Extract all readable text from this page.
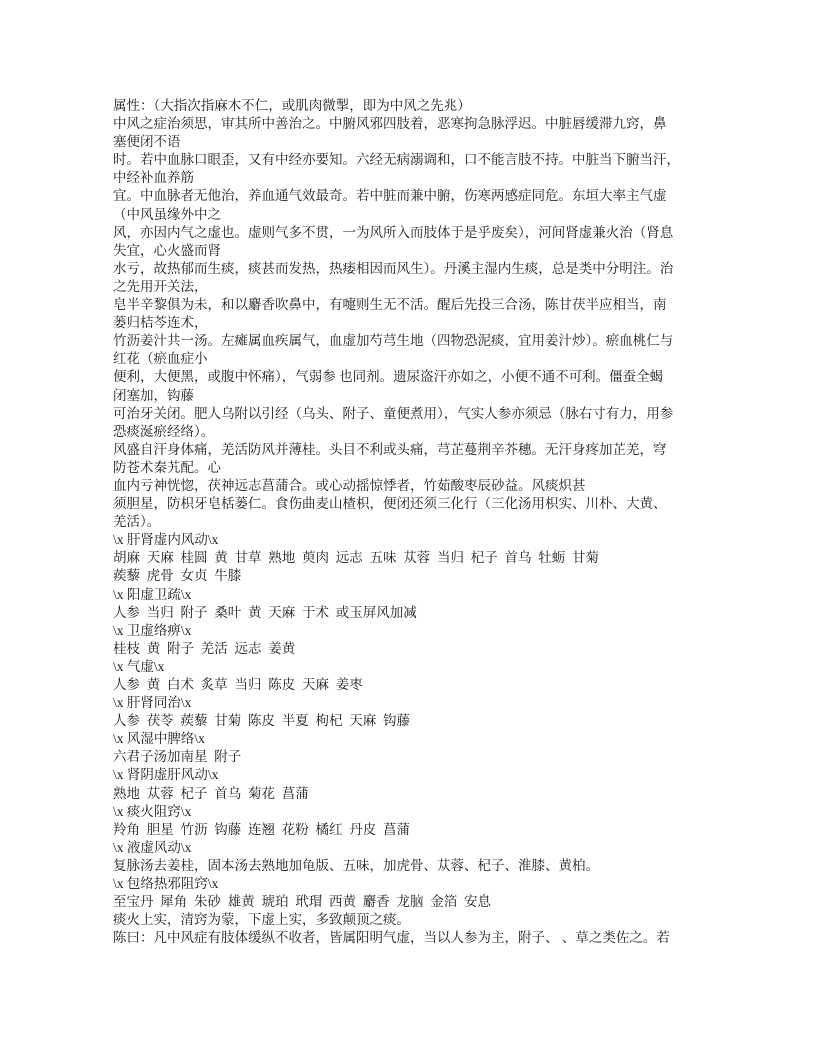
属性：（大指次指麻木不仁，或肌肉微掣，即为中风之先兆）
中风之症治须思，审其所中善治之。中腑风邪四肢着，恶寒拘急脉浮迟。中脏唇缓滞九窍，鼻
塞便闭不语
时。若中血脉口眼歪，又有中经亦要知。六经无病溺调和，口不能言肢不持。中脏当下腑当汗，
中经补血养筋
宜。中血脉者无他治，养血通气效最奇。若中脏而兼中腑，伤寒两感症同危。东垣大率主气虚
（中风虽缘外中之
风，亦因内气之虚也。虚则气多不贯，一为风所入而肢体于是乎废矣），河间肾虚兼火治（肾息
失宜，心火盛而肾
水亏，故热郁而生痰，痰甚而发热，热痿相因而风生）。丹溪主湿内生痰，总是类中分明注。治
之先用开关法，
皂半辛黎俱为未，和以麝香吹鼻中，有嚏则生无不活。醒后先投三合汤，陈甘茯半应相当，南
蒌归桔芩连术，
竹沥姜汁共一汤。左瘫属血疾属气，血虚加芍芎生地（四物恐泥痰，宜用姜汁炒）。瘀血桃仁与
红花（瘀血症小
便利，大便黑，或腹中怀痛），气弱参 也同剂。遗尿盗汗亦如之，小便不通不可利。僵蚕全蝎
闭塞加，钩藤
可治牙关闭。肥人乌附以引经（乌头、附子、童便煮用），气实人参亦须忌（脉右寸有力，用参
恐痰涎瘀经络）。
风盛自汗身体痛，羌活防风并薄桂。头目不利或头痛，芎芷蔓荆辛芥穗。无汗身疼加芷羌，穹
防苍术秦艽配。心
血内亏神恍惚，茯神远志菖蒲合。或心动摇惊悸者，竹茹酸枣辰砂益。风痰炽甚
须胆星，防枳牙皂栝蒌仁。食伤曲麦山楂枳，便闭还须三化行（三化汤用枳实、川朴、大黄、
羌活）。
\x 肝肾虚内风动\x
胡麻  天麻  桂圆  黄  甘草  熟地  萸肉  远志  五味  苁蓉  当归  杞子  首乌  牡蛎  甘菊
蒺藜  虎骨  女贞  牛膝
\x 阳虚卫疏\x
人参  当归  附子  桑叶  黄  天麻  于术  或玉屏风加减
\x 卫虚络痹\x
桂枝  黄  附子  羌活  远志  姜黄
\x 气虚\x
人参  黄  白术  炙草  当归  陈皮  天麻  姜枣
\x 肝肾同治\x
人参  茯苓  蒺藜  甘菊  陈皮  半夏  枸杞  天麻  钩藤
\x 风湿中脾络\x
六君子汤加南星  附子
\x 肾阴虚肝风动\x
熟地  苁蓉  杞子  首乌  菊花  菖蒲
\x 痰火阻窍\x
羚角  胆星  竹沥  钩藤  连翘  花粉  橘红  丹皮  菖蒲
\x 液虚风动\x
复脉汤去姜桂，固本汤去熟地加龟版、五味，加虎骨、苁蓉、杞子、淮膝、黄柏。
\x 包络热邪阻窍\x
至宝丹  犀角  朱砂  雄黄  琥珀  玳瑁  西黄  麝香  龙脑  金箔  安息
痰火上实，清窍为蒙，下虚上实，多致颠顶之痰。
陈曰：凡中风症有肢体缓纵不收者，皆属阳明气虚，当以人参为主，附子、 、草之类佐之。若
